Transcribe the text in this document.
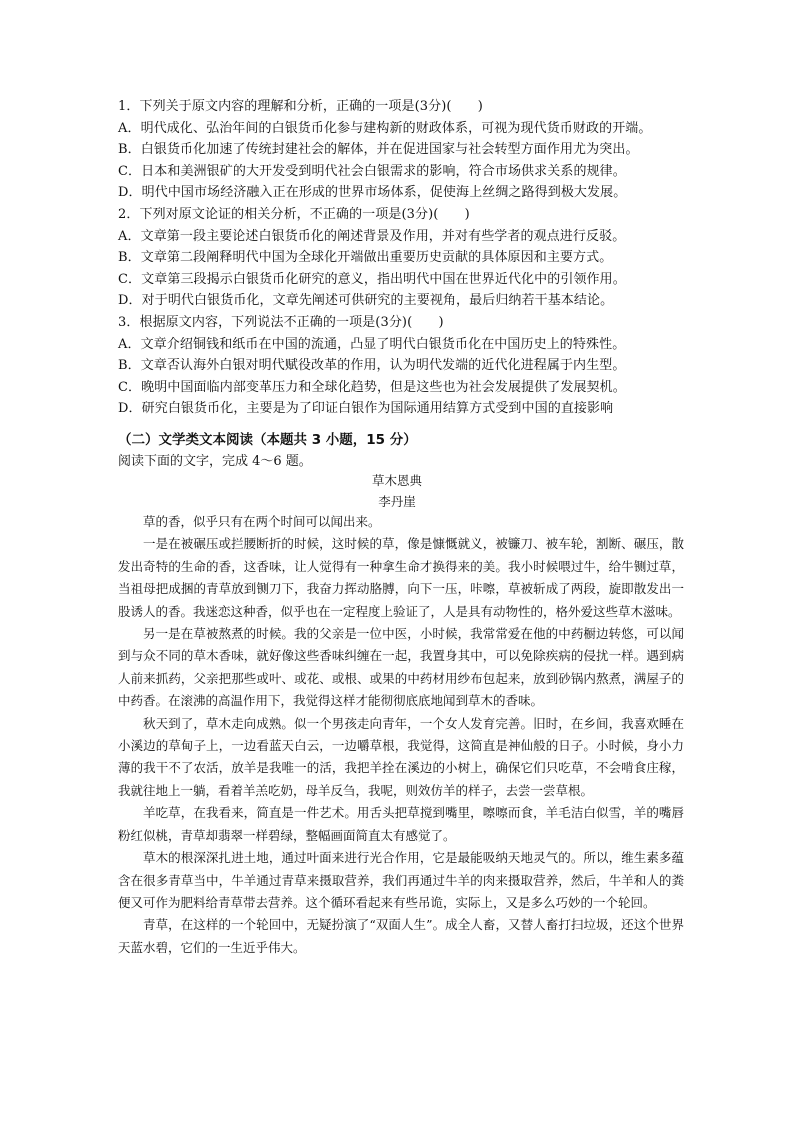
1．下列关于原文内容的理解和分析，正确的一项是(3分)(　　)
A．明代成化、弘治年间的白银货币化参与建构新的财政体系，可视为现代货币财政的开端。
B．白银货币化加速了传统封建社会的解体，并在促进国家与社会转型方面作用尤为突出。
C．日本和美洲银矿的大开发受到明代社会白银需求的影响，符合市场供求关系的规律。
D．明代中国市场经济融入正在形成的世界市场体系，促使海上丝绸之路得到极大发展。
2．下列对原文论证的相关分析，不正确的一项是(3分)(　　)
A．文章第一段主要论述白银货币化的阐述背景及作用，并对有些学者的观点进行反驳。
B．文章第二段阐释明代中国为全球化开端做出重要历史贡献的具体原因和主要方式。
C．文章第三段揭示白银货币化研究的意义，指出明代中国在世界近代化中的引领作用。
D．对于明代白银货币化，文章先阐述可供研究的主要视角，最后归纳若干基本结论。
3．根据原文内容，下列说法不正确的一项是(3分)(　　)
A．文章介绍铜钱和纸币在中国的流通，凸显了明代白银货币化在中国历史上的特殊性。
B．文章否认海外白银对明代赋役改革的作用，认为明代发端的近代化进程属于内生型。
C．晚明中国面临内部变革压力和全球化趋势，但是这些也为社会发展提供了发展契机。
D．研究白银货币化，主要是为了印证白银作为国际通用结算方式受到中国的直接影响
（二）文学类文本阅读（本题共 3 小题，15 分）
阅读下面的文字，完成 4～6 题。
草木恩典
李丹崖

草的香，似乎只有在两个时间可以闻出来。

一是在被碾压或拦腰断折的时候，这时候的草，像是慷慨就义，被镰刀、被车轮，割断、碾压，散发出奇特的生命的香，这香味，让人觉得有一种拿生命才换得来的美。我小时候喂过牛，给牛铡过草，当祖母把成捆的青草放到铡刀下，我奋力挥动胳膊，向下一压，咔嚓，草被斩成了两段，旋即散发出一股诱人的香。我迷恋这种香，似乎也在一定程度上验证了，人是具有动物性的，格外爱这些草木滋味。

另一是在草被熬煮的时候。我的父亲是一位中医，小时候，我常常爱在他的中药橱边转悠，可以闻到与众不同的草木香味，就好像这些香味纠缠在一起，我置身其中，可以免除疾病的侵扰一样。遇到病人前来抓药，父亲把那些或叶、或花、或根、或果的中药材用纱布包起来，放到砂锅内熬煮，满屋子的中药香。在滚沸的高温作用下，我觉得这样才能彻彻底底地闻到草木的香味。

秋天到了，草木走向成熟。似一个男孩走向青年，一个女人发育完善。旧时，在乡间，我喜欢睡在小溪边的草甸子上，一边看蓝天白云，一边嚼草根，我觉得，这简直是神仙般的日子。小时候，身小力薄的我干不了农活，放羊是我唯一的活，我把羊拴在溪边的小树上，确保它们只吃草，不会啃食庄稼，我就往地上一躺，看着羊羔吃奶，母羊反刍，我呢，则效仿羊的样子，去尝一尝草根。

羊吃草，在我看来，简直是一件艺术。用舌头把草搅到嘴里，嚓嚓而食，羊毛洁白似雪，羊的嘴唇粉红似桃，青草却翡翠一样碧绿，整幅画面简直太有感觉了。

草木的根深深扎进土地，通过叶面来进行光合作用，它是最能吸纳天地灵气的。所以，维生素多蕴含在很多青草当中，牛羊通过青草来摄取营养，我们再通过牛羊的肉来摄取营养，然后，牛羊和人的粪便又可作为肥料给青草带去营养。这个循环看起来有些吊诡，实际上，又是多么巧妙的一个轮回。

青草，在这样的一个轮回中，无疑扮演了“双面人生”。成全人畜，又替人畜打扫垃圾，还这个世界天蓝水碧，它们的一生近乎伟大。
